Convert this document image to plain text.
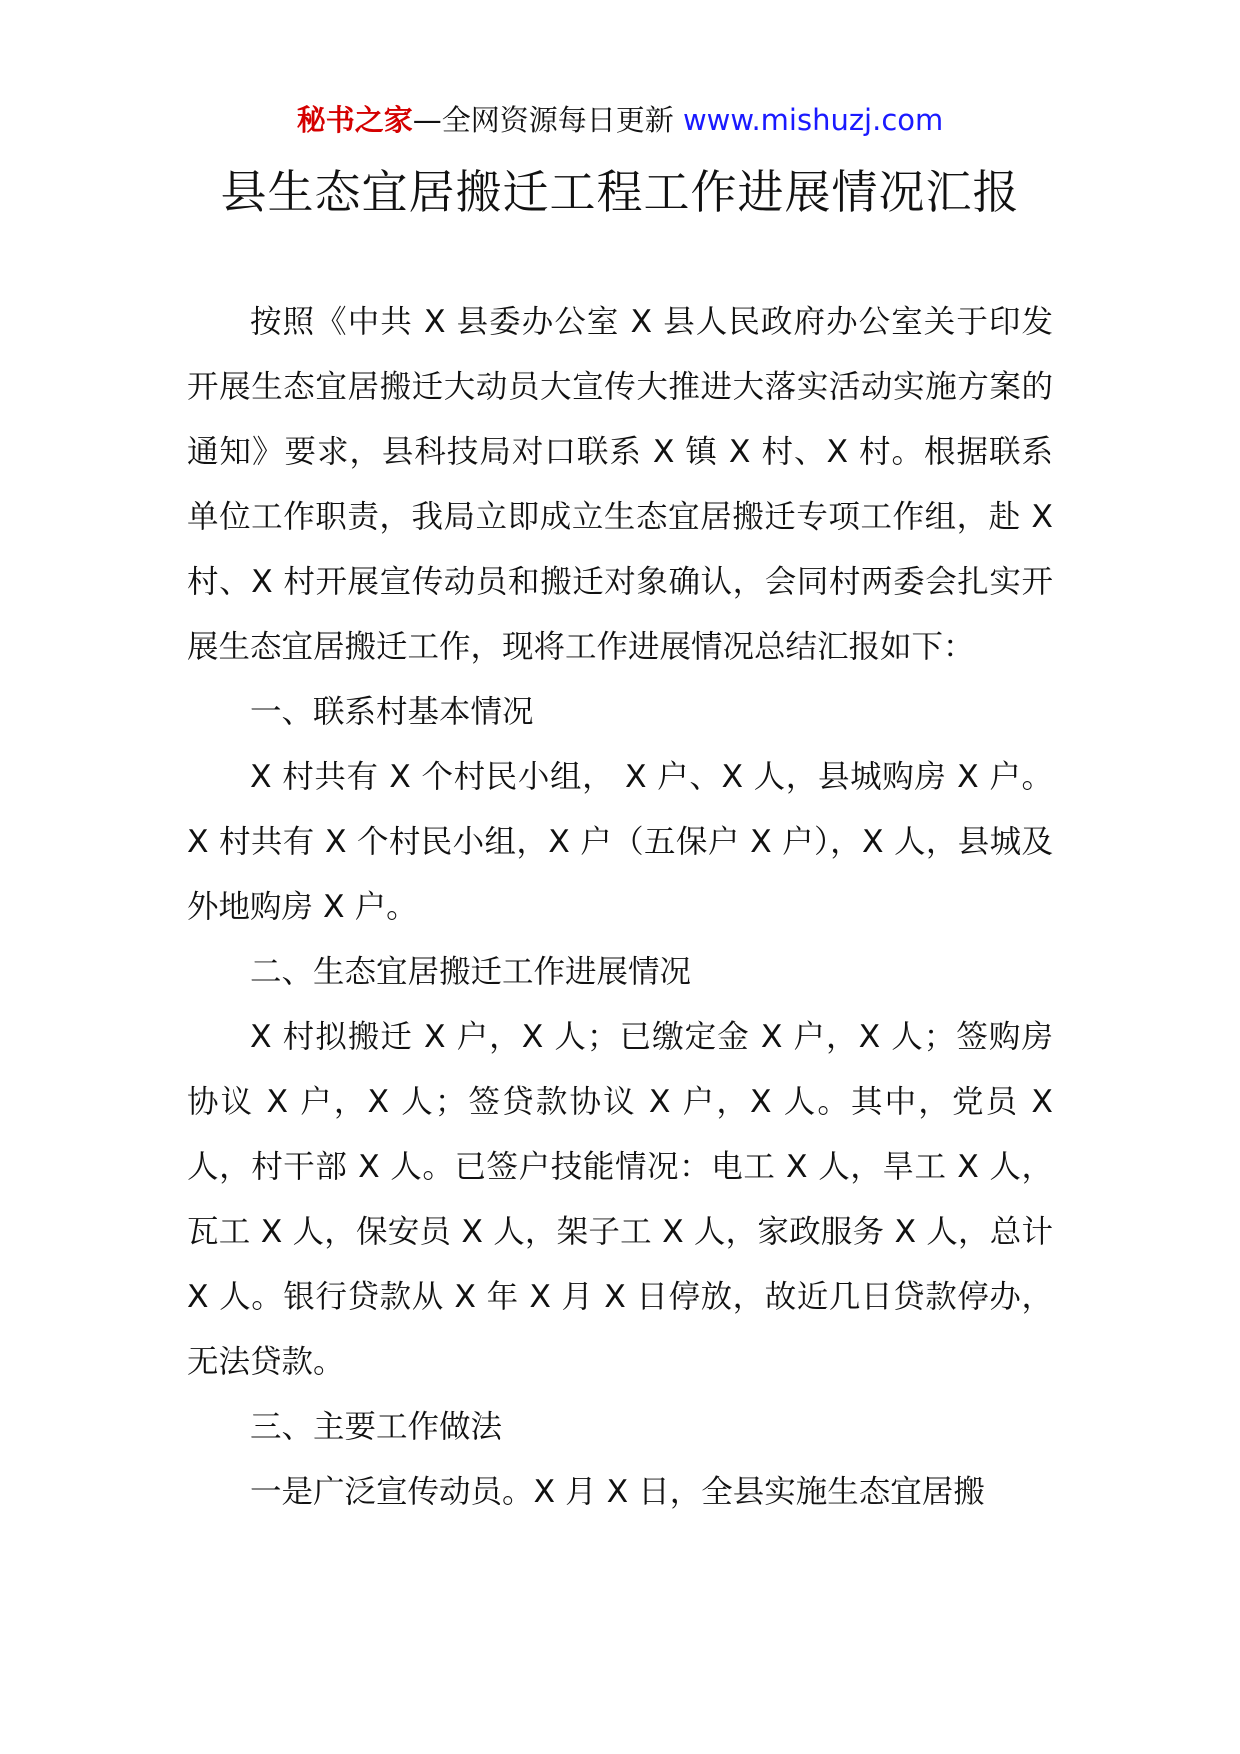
秘书之家—全网资源每日更新 www.mishuzj.com
县生态宜居搬迁工程工作进展情况汇报

按照《中共 X 县委办公室 X 县人民政府办公室关于印发开展生态宜居搬迁大动员大宣传大推进大落实活动实施方案的通知》要求，县科技局对口联系 X 镇 X 村、X 村。根据联系单位工作职责，我局立即成立生态宜居搬迁专项工作组，赴 X 村、X 村开展宣传动员和搬迁对象确认，会同村两委会扎实开展生态宜居搬迁工作，现将工作进展情况总结汇报如下：

一、联系村基本情况

X 村共有 X 个村民小组， X 户、X 人，县城购房 X 户。X 村共有 X 个村民小组，X 户（五保户 X 户），X 人，县城及外地购房 X 户。

二、生态宜居搬迁工作进展情况

X 村拟搬迁 X 户，X 人；已缴定金 X 户，X 人；签购房协议 X 户，X 人；签贷款协议 X 户，X 人。其中，党员 X 人，村干部 X 人。已签户技能情况：电工 X 人，旱工 X 人，瓦工 X 人，保安员 X 人，架子工 X 人，家政服务 X 人，总计 X 人。银行贷款从 X 年 X 月 X 日停放，故近几日贷款停办，无法贷款。

三、主要工作做法

一是广泛宣传动员。X 月 X 日，全县实施生态宜居搬
